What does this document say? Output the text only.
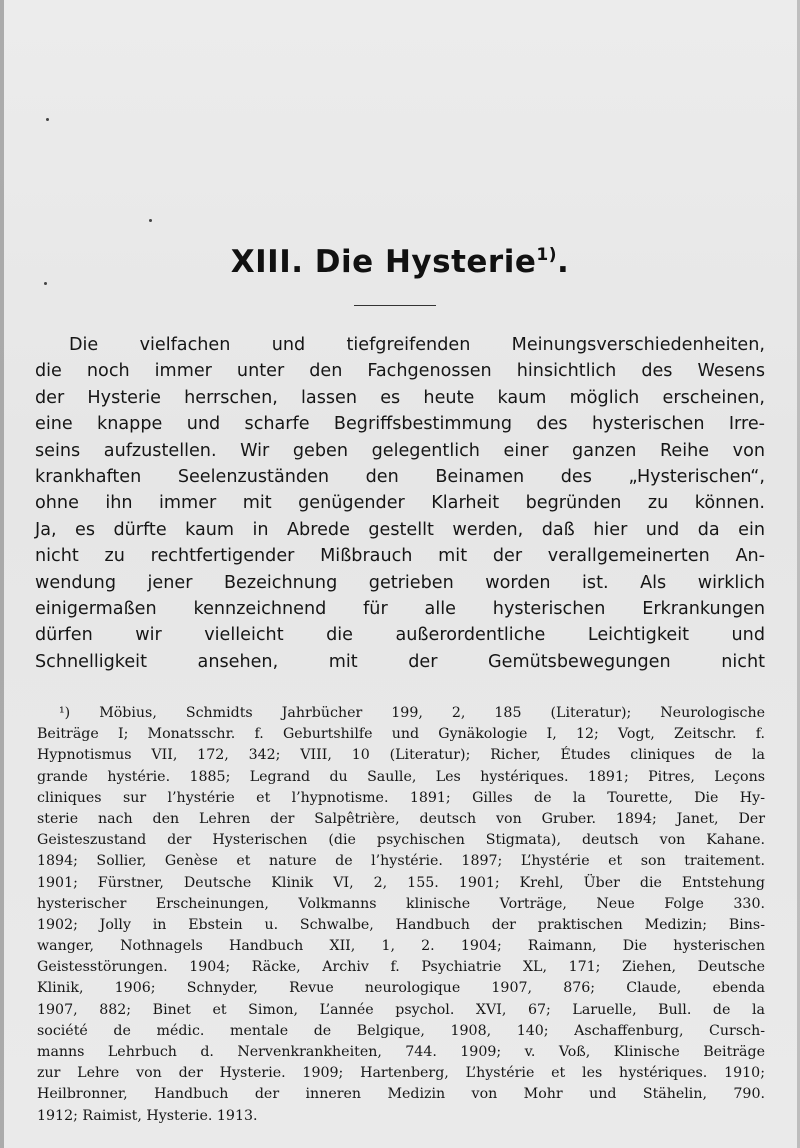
XIII. Die Hysterie$^{1)}$.
Die vielfachen und tiefgreifenden Meinungsverschiedenheiten,
die noch immer unter den Fachgenossen hinsichtlich des Wesens
der Hysterie herrschen, lassen es heute kaum möglich erscheinen,
eine knappe und scharfe Begriffsbestimmung des hysterischen Irre-
seins aufzustellen. Wir geben gelegentlich einer ganzen Reihe von
krankhaften Seelenzuständen den Beinamen des „Hysterischen“,
ohne ihn immer mit genügender Klarheit begründen zu können.
Ja, es dürfte kaum in Abrede gestellt werden, daß hier und da ein
nicht zu rechtfertigender Mißbrauch mit der verallgemeinerten An-
wendung jener Bezeichnung getrieben worden ist. Als wirklich
einigermaßen kennzeichnend für alle hysterischen Erkrankungen
dürfen wir vielleicht die außerordentliche Leichtigkeit und
Schnelligkeit ansehen, mit der Gemütsbewegungen nicht
¹) Möbius, Schmidts Jahrbücher 199, 2, 185 (Literatur); Neurologische
Beiträge I; Monatsschr. f. Geburtshilfe und Gynäkologie I, 12; Vogt, Zeitschr. f.
Hypnotismus VII, 172, 342; VIII, 10 (Literatur); Richer, Études cliniques de la
grande hystérie. 1885; Legrand du Saulle, Les hystériques. 1891; Pitres, Leçons
cliniques sur l’hystérie et l’hypnotisme. 1891; Gilles de la Tourette, Die Hy-
sterie nach den Lehren der Salpêtrière, deutsch von Gruber. 1894; Janet, Der
Geisteszustand der Hysterischen (die psychischen Stigmata), deutsch von Kahane.
1894; Sollier, Genèse et nature de l’hystérie. 1897; L’hystérie et son traitement.
1901; Fürstner, Deutsche Klinik VI, 2, 155. 1901; Krehl, Über die Entstehung
hysterischer Erscheinungen, Volkmanns klinische Vorträge, Neue Folge 330.
1902; Jolly in Ebstein u. Schwalbe, Handbuch der praktischen Medizin; Bins-
wanger, Nothnagels Handbuch XII, 1, 2. 1904; Raimann, Die hysterischen
Geistesstörungen. 1904; Räcke, Archiv f. Psychiatrie XL, 171; Ziehen, Deutsche
Klinik, 1906; Schnyder, Revue neurologique 1907, 876; Claude, ebenda
1907, 882; Binet et Simon, L’année psychol. XVI, 67; Laruelle, Bull. de la
société de médic. mentale de Belgique, 1908, 140; Aschaffenburg, Cursch-
manns Lehrbuch d. Nervenkrankheiten, 744. 1909; v. Voß, Klinische Beiträge
zur Lehre von der Hysterie. 1909; Hartenberg, L’hystérie et les hystériques. 1910;
Heilbronner, Handbuch der inneren Medizin von Mohr und Stähelin, 790.
1912; Raimist, Hysterie. 1913.
